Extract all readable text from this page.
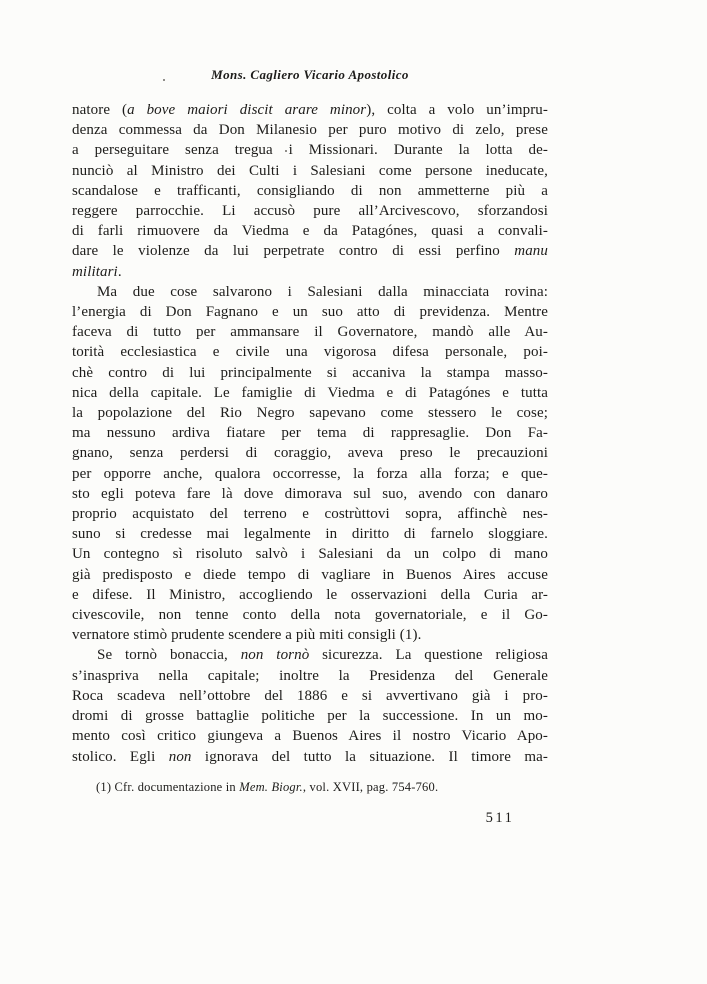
Mons. Cagliero Vicario Apostolico
natore (a bove maiori discit arare minor), colta a volo un’impru-
denza commessa da Don Milanesio per puro motivo di zelo, prese
a perseguitare senza tregua i Missionari. Durante la lotta de-
nunciò al Ministro dei Culti i Salesiani come persone ineducate,
scandalose e trafficanti, consigliando di non ammetterne più a
reggere parrocchie. Li accusò pure all’Arcivescovo, sforzandosi
di farli rimuovere da Viedma e da Patagónes, quasi a convali-
dare le violenze da lui perpetrate contro di essi perfino manu
militari.
Ma due cose salvarono i Salesiani dalla minacciata rovina:
l’energia di Don Fagnano e un suo atto di previdenza. Mentre
faceva di tutto per ammansare il Governatore, mandò alle Au-
torità ecclesiastica e civile una vigorosa difesa personale, poi-
chè contro di lui principalmente si accaniva la stampa masso-
nica della capitale. Le famiglie di Viedma e di Patagónes e tutta
la popolazione del Rio Negro sapevano come stessero le cose;
ma nessuno ardiva fiatare per tema di rappresaglie. Don Fa-
gnano, senza perdersi di coraggio, aveva preso le precauzioni
per opporre anche, qualora occorresse, la forza alla forza; e que-
sto egli poteva fare là dove dimorava sul suo, avendo con danaro
proprio acquistato del terreno e costrùttovi sopra, affinchè nes-
suno si credesse mai legalmente in diritto di farnelo sloggiare.
Un contegno sì risoluto salvò i Salesiani da un colpo di mano
già predisposto e diede tempo di vagliare in Buenos Aires accuse
e difese. Il Ministro, accogliendo le osservazioni della Curia ar-
civescovile, non tenne conto della nota governatoriale, e il Go-
vernatore stimò prudente scendere a più miti consigli (1).
Se tornò bonaccia, non tornò sicurezza. La questione religiosa
s’inaspriva nella capitale; inoltre la Presidenza del Generale
Roca scadeva nell’ottobre del 1886 e si avvertivano già i pro-
dromi di grosse battaglie politiche per la successione. In un mo-
mento così critico giungeva a Buenos Aires il nostro Vicario Apo-
stolico. Egli non ignorava del tutto la situazione. Il timore ma-
(1) Cfr. documentazione in Mem. Biogr., vol. XVII, pag. 754-760.
511
